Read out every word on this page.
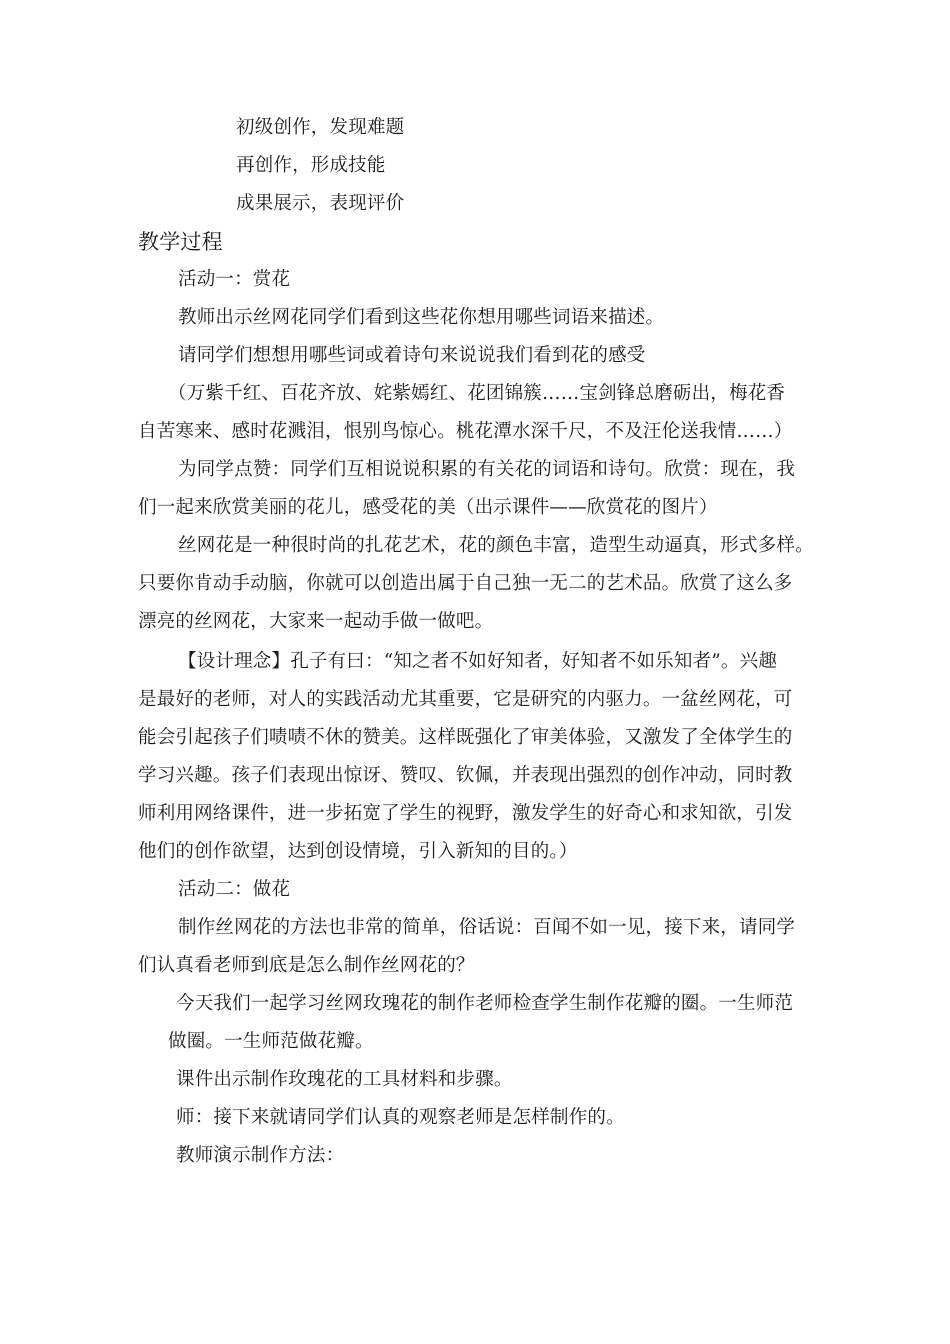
初级创作，发现难题
再创作，形成技能
成果展示，表现评价
教学过程
活动一：赏花
教师出示丝网花同学们看到这些花你想用哪些词语来描述。
请同学们想想用哪些词或着诗句来说说我们看到花的感受
（万紫千红、百花齐放、姹紫嫣红、花团锦簇……宝剑锋总磨砺出，梅花香
自苦寒来、感时花溅泪，恨别鸟惊心。桃花潭水深千尺，不及汪伦送我情……）
为同学点赞：同学们互相说说积累的有关花的词语和诗句。欣赏：现在，我
们一起来欣赏美丽的花儿，感受花的美（出示课件——欣赏花的图片）
丝网花是一种很时尚的扎花艺术，花的颜色丰富，造型生动逼真，形式多样。
只要你肯动手动脑，你就可以创造出属于自己独一无二的艺术品。欣赏了这么多
漂亮的丝网花，大家来一起动手做一做吧。
【设计理念】孔子有曰：“知之者不如好知者，好知者不如乐知者”。兴趣
是最好的老师，对人的实践活动尤其重要，它是研究的内驱力。一盆丝网花，可
能会引起孩子们啧啧不休的赞美。这样既强化了审美体验，又激发了全体学生的
学习兴趣。孩子们表现出惊讶、赞叹、钦佩，并表现出强烈的创作冲动，同时教
师利用网络课件，进一步拓宽了学生的视野，激发学生的好奇心和求知欲，引发
他们的创作欲望，达到创设情境，引入新知的目的。）
活动二：做花
制作丝网花的方法也非常的简单，俗话说：百闻不如一见，接下来，请同学
们认真看老师到底是怎么制作丝网花的？
今天我们一起学习丝网玫瑰花的制作老师检查学生制作花瓣的圈。一生师范
做圈。一生师范做花瓣。
课件出示制作玫瑰花的工具材料和步骤。
师：接下来就请同学们认真的观察老师是怎样制作的。
教师演示制作方法：
